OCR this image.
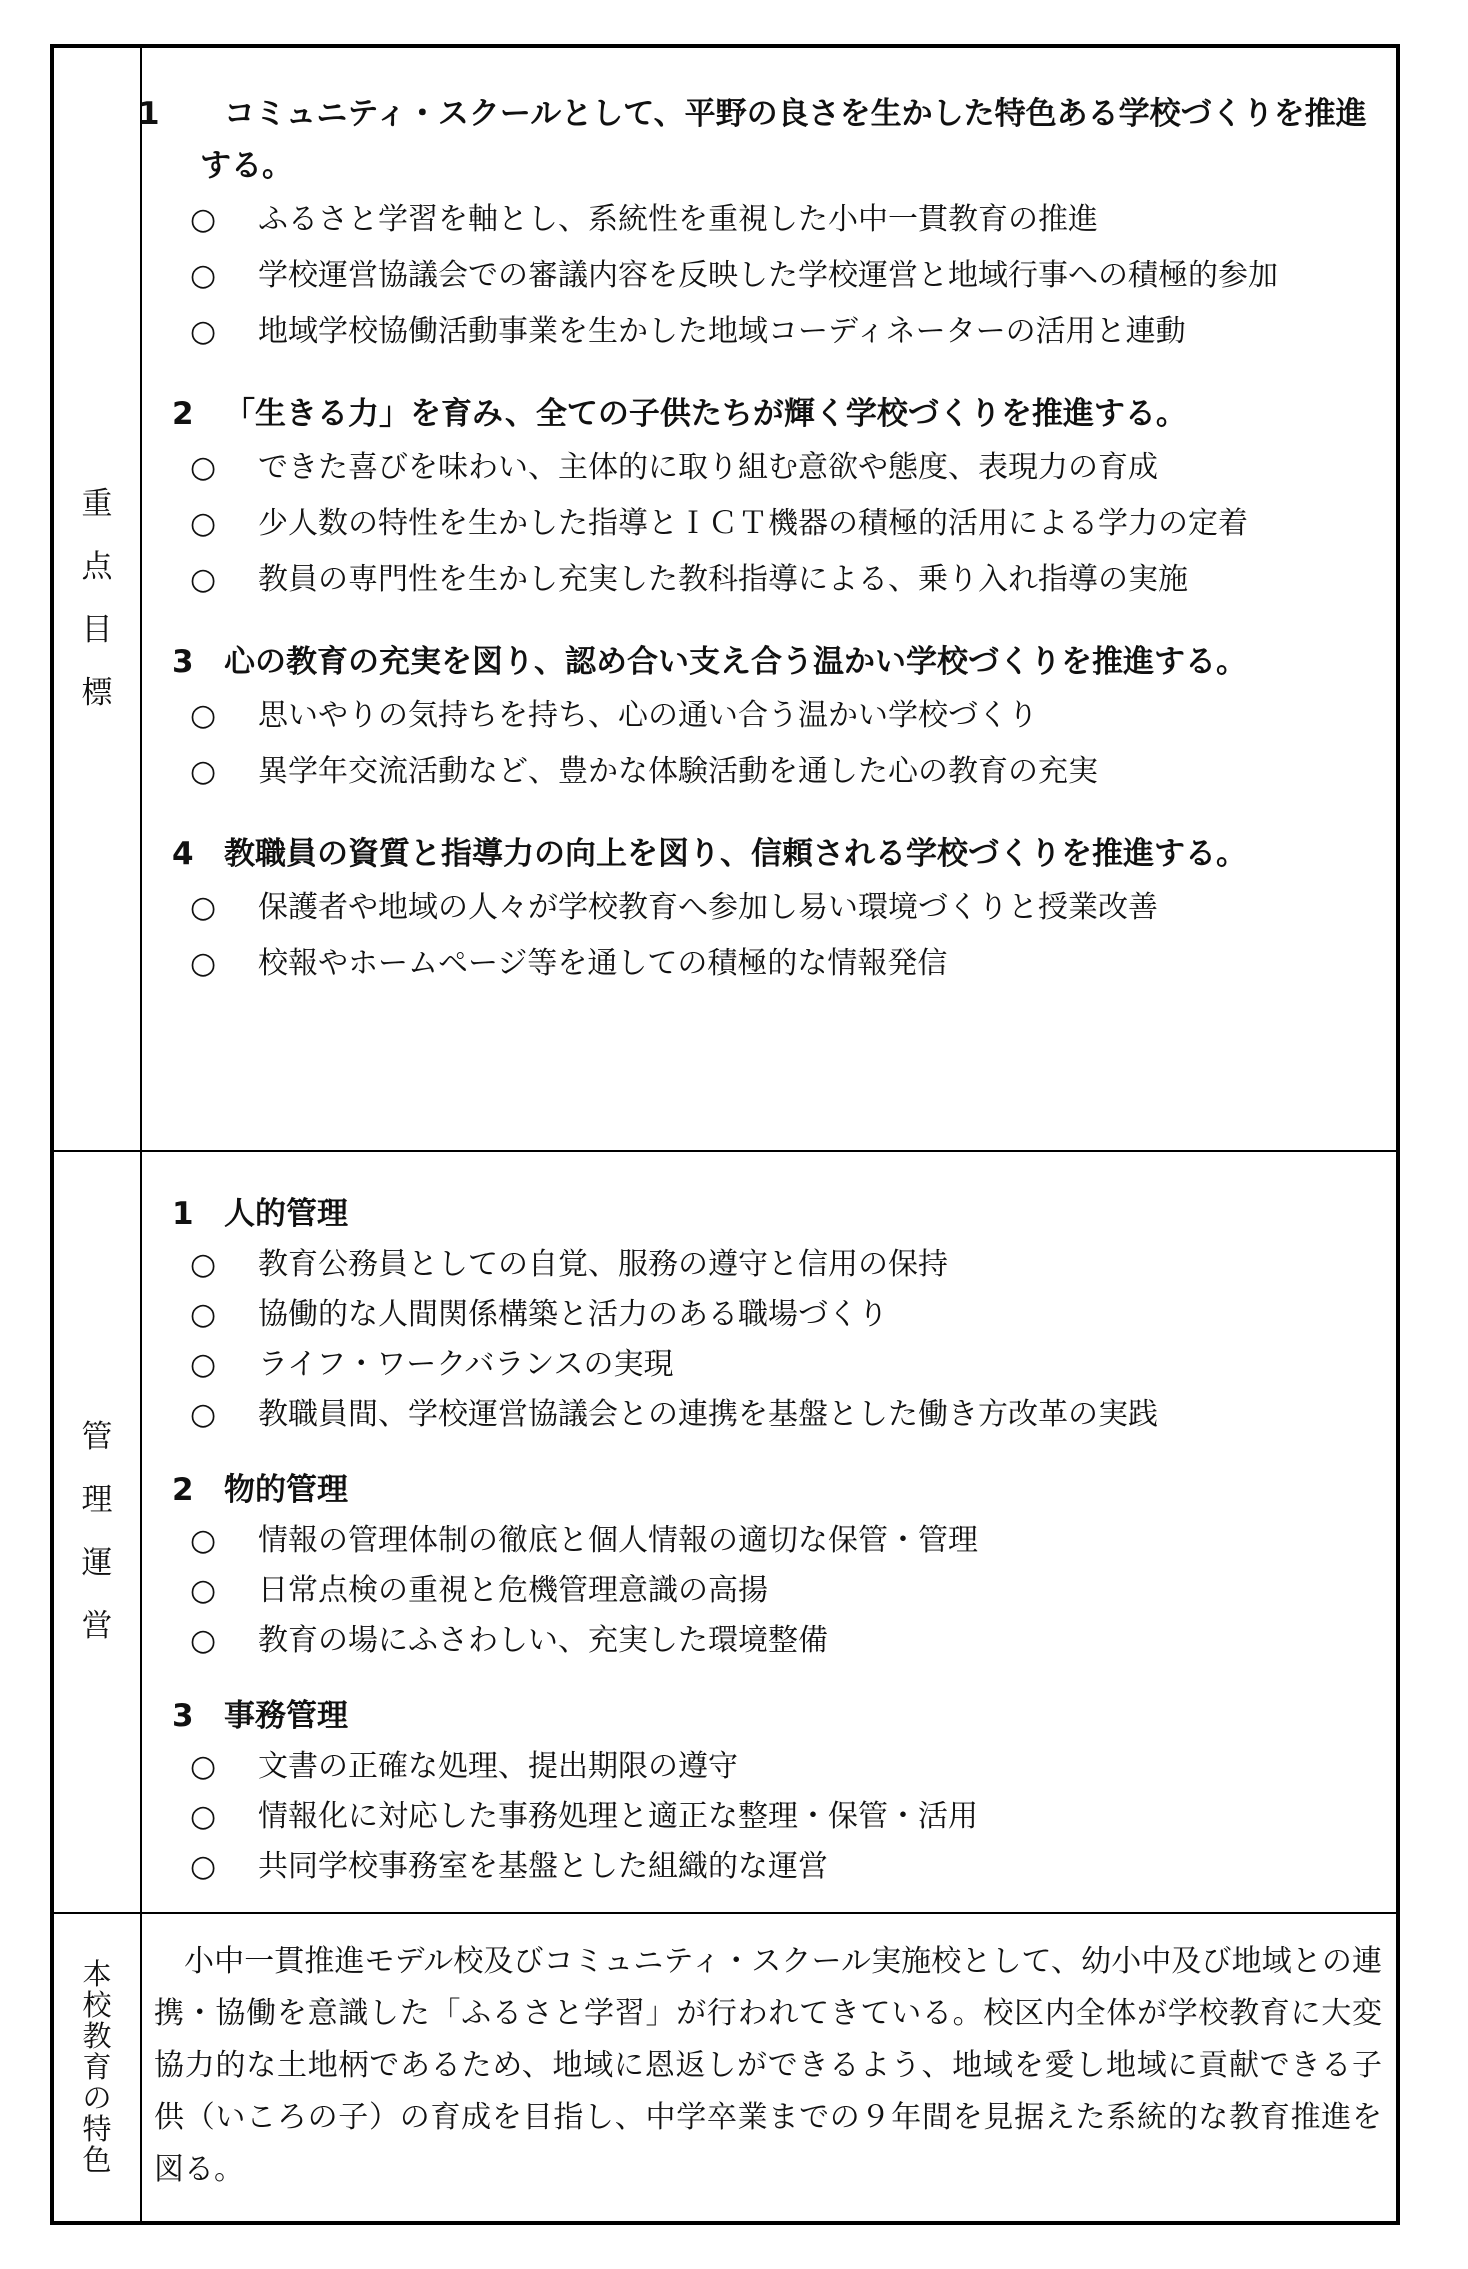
重
点
目
標
1 コミュニティ・スクールとして、平野の良さを生かした特色ある学校づくりを推進する。
○ ふるさと学習を軸とし、系統性を重視した小中一貫教育の推進
○ 学校運営協議会での審議内容を反映した学校運営と地域行事への積極的参加
○ 地域学校協働活動事業を生かした地域コーディネーターの活用と連動
2 「生きる力」を育み、全ての子供たちが輝く学校づくりを推進する。
○ できた喜びを味わい、主体的に取り組む意欲や態度、表現力の育成
○ 少人数の特性を生かした指導とＩＣＴ機器の積極的活用による学力の定着
○ 教員の専門性を生かし充実した教科指導による、乗り入れ指導の実施
3 心の教育の充実を図り、認め合い支え合う温かい学校づくりを推進する。
○ 思いやりの気持ちを持ち、心の通い合う温かい学校づくり
○ 異学年交流活動など、豊かな体験活動を通した心の教育の充実
4 教職員の資質と指導力の向上を図り、信頼される学校づくりを推進する。
○ 保護者や地域の人々が学校教育へ参加し易い環境づくりと授業改善
○ 校報やホームページ等を通しての積極的な情報発信
管
理
運
営
1 人的管理
○ 教育公務員としての自覚、服務の遵守と信用の保持
○ 協働的な人間関係構築と活力のある職場づくり
○ ライフ・ワークバランスの実現
○ 教職員間、学校運営協議会との連携を基盤とした働き方改革の実践
2 物的管理
○ 情報の管理体制の徹底と個人情報の適切な保管・管理
○ 日常点検の重視と危機管理意識の高揚
○ 教育の場にふさわしい、充実した環境整備
3 事務管理
○ 文書の正確な処理、提出期限の遵守
○ 情報化に対応した事務処理と適正な整理・保管・活用
○ 共同学校事務室を基盤とした組織的な運営
本
校
教
育
の
特
色
小中一貫推進モデル校及びコミュニティ・スクール実施校として、幼小中及び地域との連携・協働を意識した「ふるさと学習」が行われてきている。校区内全体が学校教育に大変協力的な土地柄であるため、地域に恩返しができるよう、地域を愛し地域に貢献できる子供（いころの子）の育成を目指し、中学卒業までの９年間を見据えた系統的な教育推進を図る。
